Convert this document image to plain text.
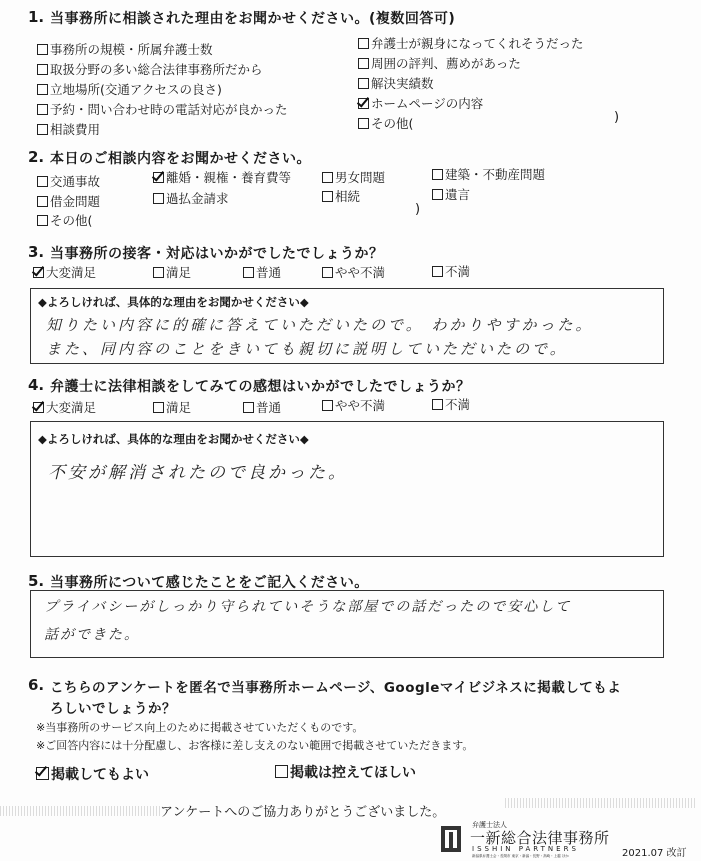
1. 当事務所に相談された理由をお聞かせください。(複数回答可)
事務所の規模・所属弁護士数
取扱分野の多い総合法律事務所だから
立地場所(交通アクセスの良さ)
予約・問い合わせ時の電話対応が良かった
相談費用
弁護士が親身になってくれそうだった
周囲の評判、薦めがあった
解決実績数
ホームページの内容
その他(	)
2. 本日のご相談内容をお聞かせください。
交通事故	離婚・親権・養育費等	男女問題	建築・不動産問題
借金問題	過払金請求	相続	遺言
その他(
)
3. 当事務所の接客・対応はいかがでしたでしょうか？
大変満足	満足	普通	やや不満	不満
◆よろしければ、具体的な理由をお聞かせください◆
知りたい内容に的確に答えていただいたので。 わかりやすかった。
また、同内容のことをきいても親切に説明していただいたので。
4. 弁護士に法律相談をしてみての感想はいかがでしたでしょうか？
大変満足	満足	普通	やや不満	不満
◆よろしければ、具体的な理由をお聞かせください◆
不安が解消されたので良かった。
5. 当事務所について感じたことをご記入ください。
プライバシーがしっかり守られていそうな部屋での話だったので安心して
話ができた。
6. こちらのアンケートを匿名で当事務所ホームページ、Googleマイビジネスに掲載してもよ
ろしいでしょうか？
※当事務所のサービス向上のために掲載させていただくものです。
※ご回答内容には十分配慮し、お客様に差し支えのない範囲で掲載させていただきます。
掲載してもよい	掲載は控えてほしい
アンケートへのご協力ありがとうございました。
弁護士法人
一新総合法律事務所
ISSHIN PARTNERS
新潟県弁護士会・長岡市 東京・新潟・長野・高崎・上越 ほか	2021.07 改訂
